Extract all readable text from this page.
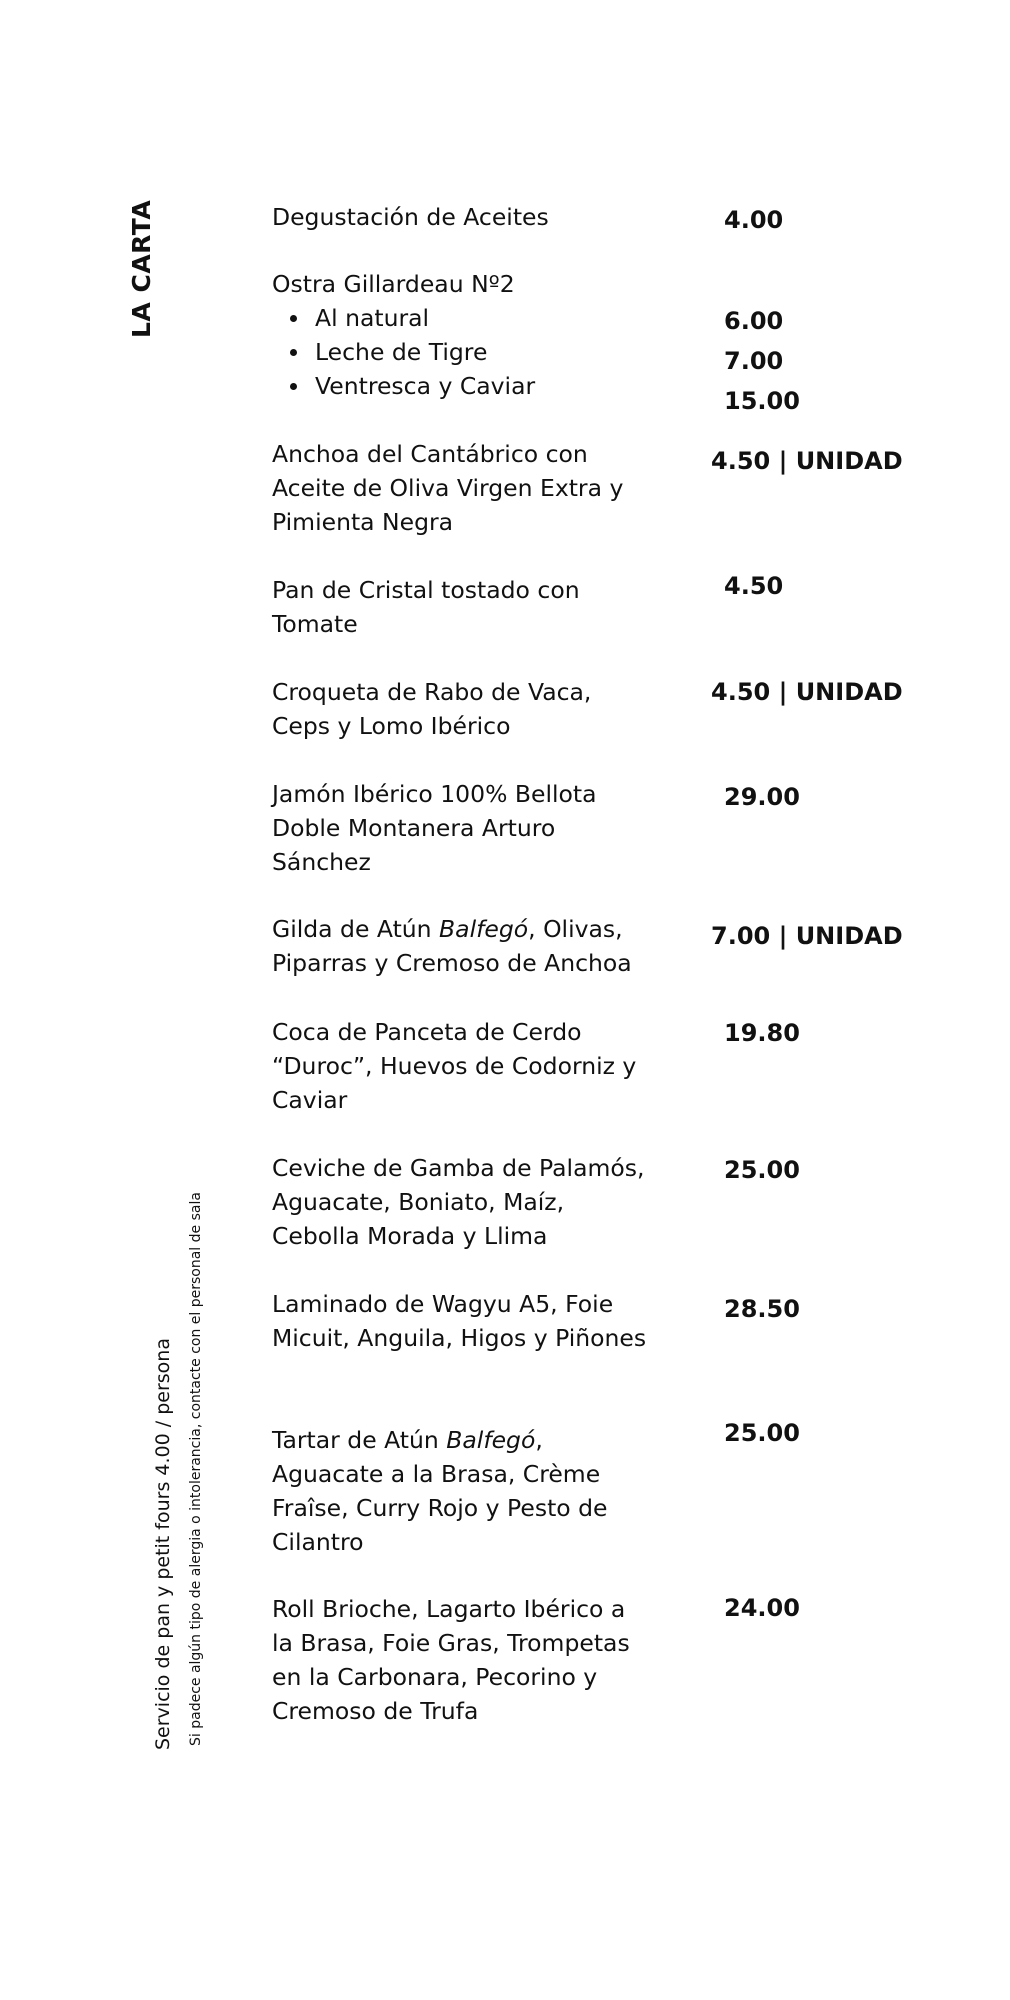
LA CARTA
Servicio de pan y petit fours 4.00 / persona Si padece algún tipo de alergia o intolerancia, contacte con el personal de sala
Degustación de Aceites	4.00
Ostra Gillardeau Nº2
Al natural
Leche de Tigre
Ventresca y Caviar
6.00
7.00
15.00
Anchoa del Cantábrico con Aceite de Oliva Virgen Extra y Pimienta Negra
4.50 | UNIDAD
Pan de Cristal tostado con Tomate
4.50
Croqueta de Rabo de Vaca, Ceps y Lomo Ibérico
4.50 | UNIDAD
Jamón Ibérico 100% Bellota Doble Montanera Arturo Sánchez
29.00
Gilda de Atún Balfegó, Olivas, Piparras y Cremoso de Anchoa
7.00 | UNIDAD
Coca de Panceta de Cerdo “Duroc”, Huevos de Codorniz y Caviar
19.80
Ceviche de Gamba de Palamós, Aguacate, Boniato, Maíz, Cebolla Morada y Llima
25.00
Laminado de Wagyu A5, Foie Micuit, Anguila, Higos y Piñones
28.50
Tartar de Atún Balfegó, Aguacate a la Brasa, Crème Fraîse, Curry Rojo y Pesto de Cilantro
25.00
Roll Brioche, Lagarto Ibérico a la Brasa, Foie Gras, Trompetas en la Carbonara, Pecorino y Cremoso de Trufa
24.00
